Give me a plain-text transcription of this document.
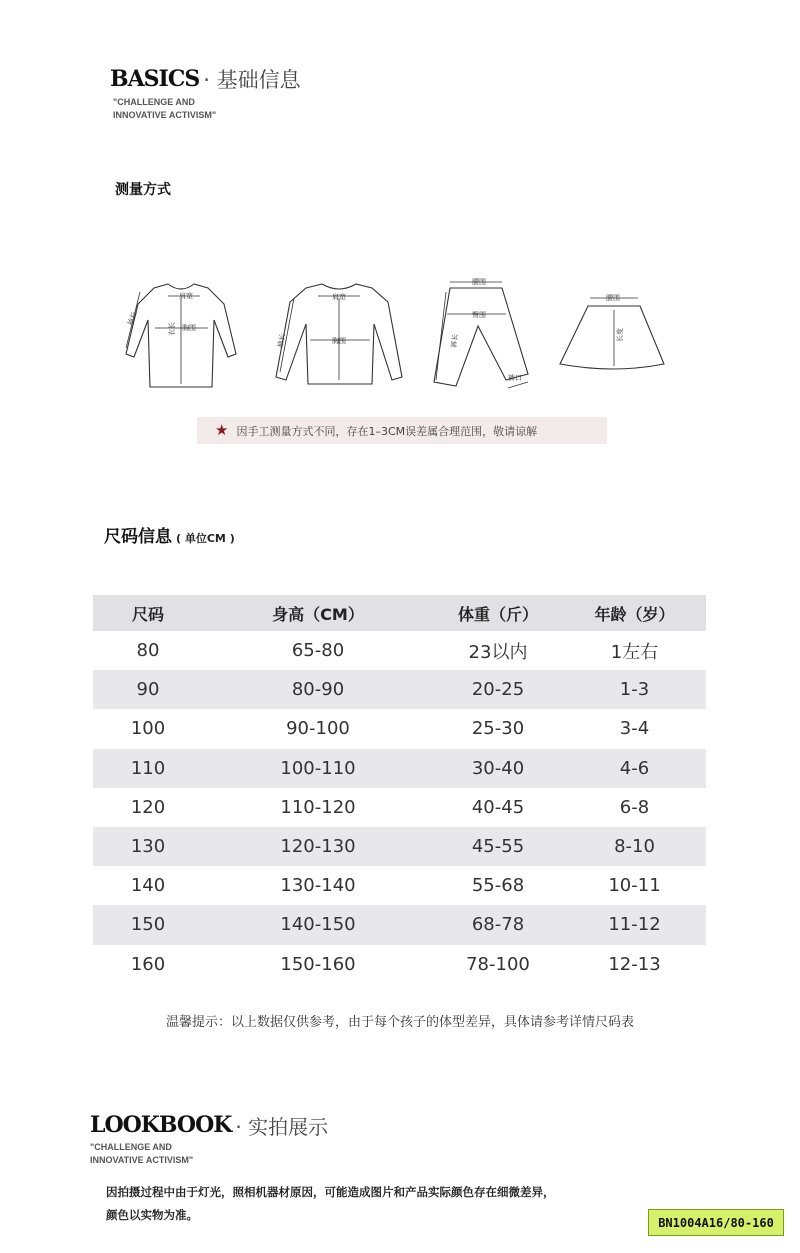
BASICS · 基础信息
"CHALLENGE AND
INNOVATIVE ACTIVISM"
测量方式
肩宽
胸围
衣长
袖长
肩宽
胸围
袖长
腰围
臀围
裤长
裤口
腰围
长度
★ 因手工测量方式不同，存在1–3CM误差属合理范围，敬请谅解
尺码信息 ( 单位CM )
尺码	身高（CM）	体重（斤）	年龄（岁）
80	65-80	23以内	1左右
90	80-90	20-25	1-3
100	90-100	25-30	3-4
110	100-110	30-40	4-6
120	110-120	40-45	6-8
130	120-130	45-55	8-10
140	130-140	55-68	10-11
150	140-150	68-78	11-12
160	150-160	78-100	12-13
温馨提示：以上数据仅供参考，由于每个孩子的体型差异，具体请参考详情尺码表
LOOKBOOK · 实拍展示
"CHALLENGE AND
INNOVATIVE ACTIVISM"
因拍摄过程中由于灯光，照相机器材原因，可能造成图片和产品实际颜色存在细微差异，
颜色以实物为准。
BN1004A16/80-160
